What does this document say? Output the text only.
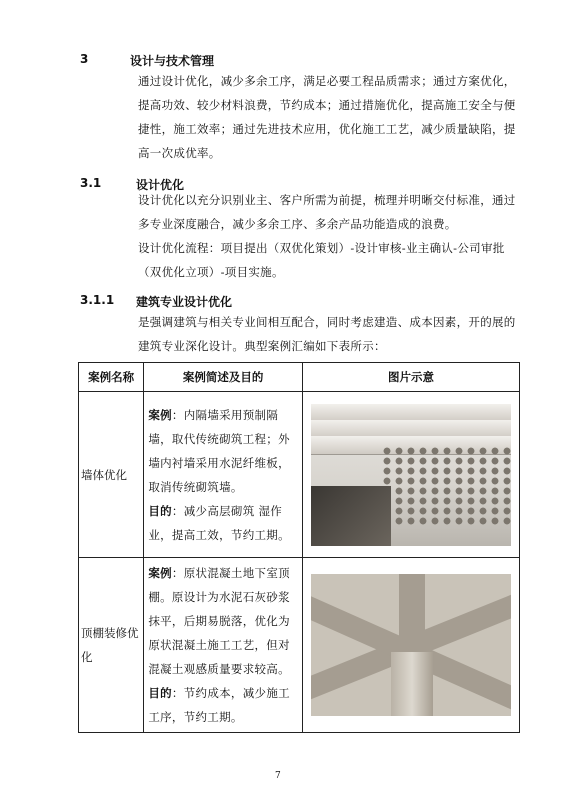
3	设计与技术管理
通过设计优化，减少多余工序，满足必要工程品质需求；通过方案优化，提高功效、较少材料浪费，节约成本；通过措施优化，提高施工安全与便捷性，施工效率；通过先进技术应用，优化施工工艺，减少质量缺陷，提高一次成优率。
3.1	设计优化
设计优化以充分识别业主、客户所需为前提，梳理并明晰交付标准，通过多专业深度融合，减少多余工序、多余产品功能造成的浪费。
设计优化流程：项目提出（双优化策划）-设计审核-业主确认-公司审批（双优化立项）-项目实施。
3.1.1 建筑专业设计优化
是强调建筑与相关专业间相互配合，同时考虑建造、成本因素，开的展的建筑专业深化设计。典型案例汇编如下表所示：
案例名称	案例简述及目的	图片示意
墙体优化	案例：内隔墙采用预制隔墙，取代传统砌筑工程；外墙内衬墙采用水泥纤维板，取消传统砌筑墙。
目的：减少高层砌筑 湿作业，提高工效，节约工期。	

顶棚装修优化	案例：原状混凝土地下室顶棚。原设计为水泥石灰砂浆抹平，后期易脱落，优化为原状混凝土施工工艺，但对混凝土观感质量要求较高。
目的：节约成本，减少施工工序，节约工期。	
7
